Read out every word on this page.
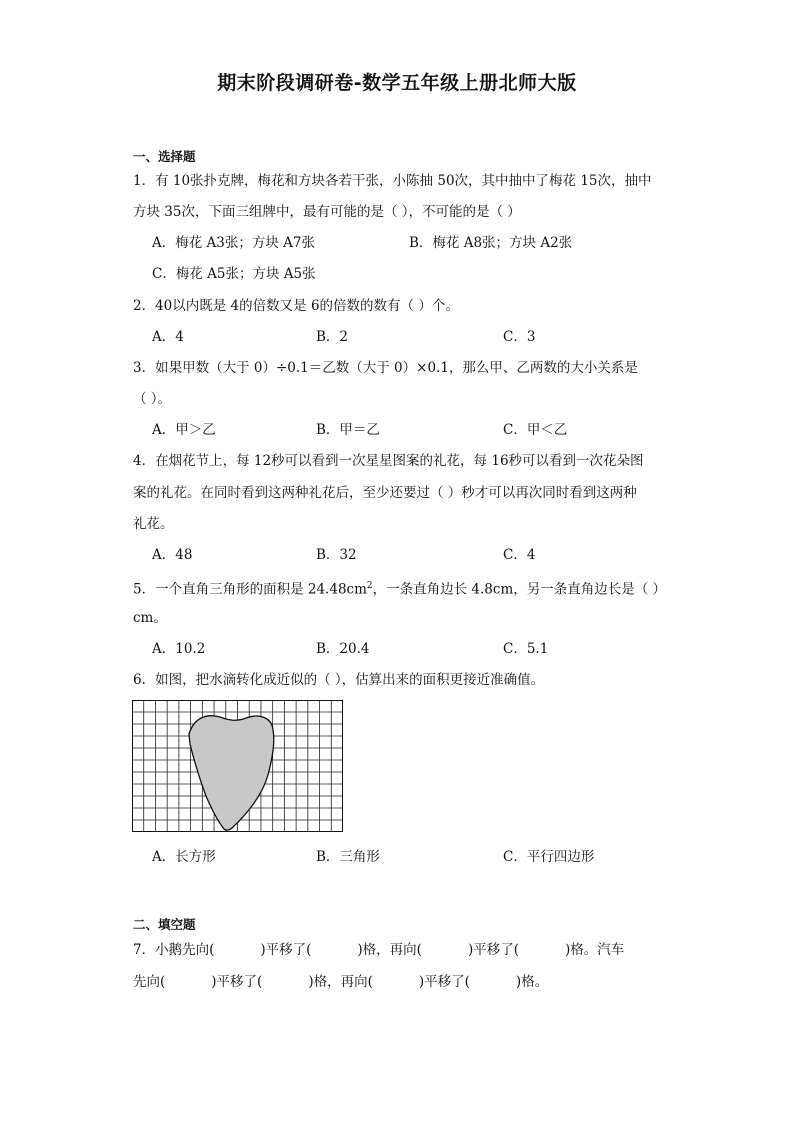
期末阶段调研卷-数学五年级上册北师大版
一、选择题
1．有 10张扑克牌，梅花和方块各若干张，小陈抽 50次，其中抽中了梅花 15次，抽中
方块 35次，下面三组牌中，最有可能的是（ ），不可能的是（ ）
A．梅花 A3张；方块 A7张	B．梅花 A8张；方块 A2张
C．梅花 A5张；方块 A5张
2．40以内既是 4的倍数又是 6的倍数的数有（ ）个。
A．4	B．2	C．3
3．如果甲数（大于 0）÷0.1＝乙数（大于 0）×0.1，那么甲、乙两数的大小关系是
（ ）。
A．甲＞乙	B．甲＝乙	C．甲＜乙
4．在烟花节上，每 12秒可以看到一次星星图案的礼花，每 16秒可以看到一次花朵图
案的礼花。在同时看到这两种礼花后，至少还要过（ ）秒才可以再次同时看到这两种
礼花。
A．48	B．32	C．4
5．一个直角三角形的面积是 $24.48cm^2$，一条直角边长 4.8cm，另一条直角边长是（ ）
cm。
A．10.2	B．20.4	C．5.1
6．如图，把水滴转化成近似的（ ），估算出来的面积更接近准确值。
A．长方形	B．三角形	C．平行四边形
二、填空题
7．小鹅先向(	)平移了(	)格，再向(	)平移了(	)格。汽车
先向(	)平移了(	)格，再向(	)平移了(	)格。
